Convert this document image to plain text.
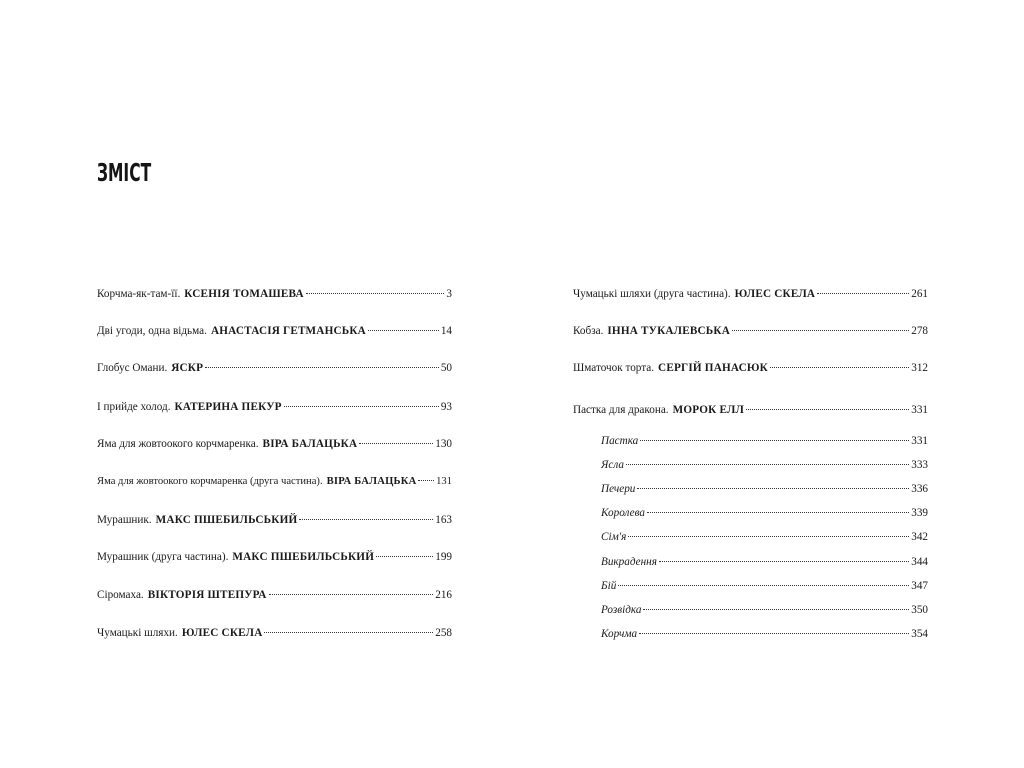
ЗМІСТ
Корчма-як-там-її. КСЕНІЯ ТОМАШЕВА	3
Дві угоди, одна відьма. АНАСТАСІЯ ГЕТМАНСЬКА	14
Глобус Омани. ЯСКР	50
І прийде холод. КАТЕРИНА ПЕКУР	93
Яма для жовтоокого корчмаренка. ВІРА БАЛАЦЬКА	130
Яма для жовтоокого корчмаренка (друга частина). ВІРА БАЛАЦЬКА 131
Мурашник. МАКС ПШЕБИЛЬСЬКИЙ	163
Мурашник (друга частина). МАКС ПШЕБИЛЬСЬКИЙ	199
Сіромаха. ВІКТОРІЯ ШТЕПУРА	216
Чумацькі шляхи. ЮЛЕС СКЕЛА	258
Чумацькі шляхи (друга частина). ЮЛЕС СКЕЛА	261
Кобза. ІННА ТУКАЛЕВСЬКА	278
Шматочок торта. СЕРГІЙ ПАНАСЮК	312
Пастка для дракона. МОРОК ЕЛЛ	331
Пастка	331
Ясла	333
Печери	336
Королева	339
Сім'я	342
Викрадення	344
Бій	347
Розвідка	350
Корчма	354
